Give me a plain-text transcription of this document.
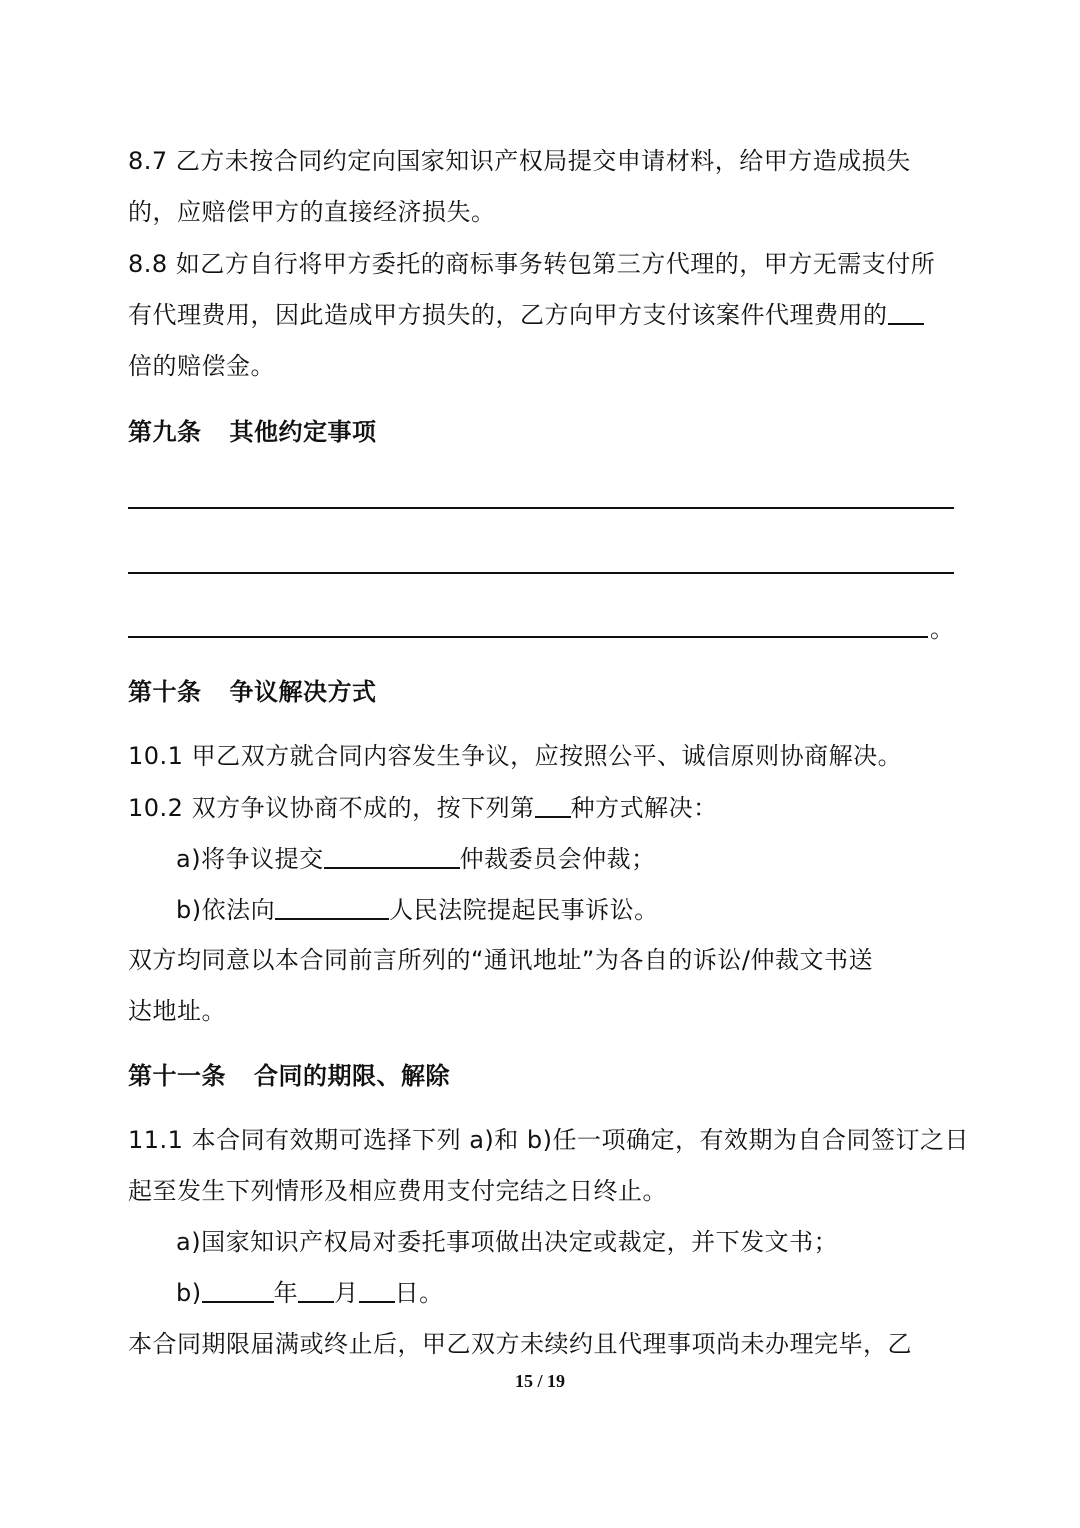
8.7 乙方未按合同约定向国家知识产权局提交申请材料，给甲方造成损失
的，应赔偿甲方的直接经济损失。
8.8 如乙方自行将甲方委托的商标事务转包第三方代理的，甲方无需支付所
有代理费用，因此造成甲方损失的，乙方向甲方支付该案件代理费用的
倍的赔偿金。
第九条 其他约定事项
。
第十条 争议解决方式
10.1 甲乙双方就合同内容发生争议，应按照公平、诚信原则协商解决。
10.2 双方争议协商不成的，按下列第 种方式解决：
a)将争议提交	仲裁委员会仲裁；
b)依法向	人民法院提起民事诉讼。
双方均同意以本合同前言所列的“通讯地址”为各自的诉讼/仲裁文书送
达地址。
第十一条 合同的期限、解除
11.1 本合同有效期可选择下列 a)和 b)任一项确定，有效期为自合同签订之日
起至发生下列情形及相应费用支付完结之日终止。
a)国家知识产权局对委托事项做出决定或裁定，并下发文书；
b)	年 月 日。
本合同期限届满或终止后，甲乙双方未续约且代理事项尚未办理完毕，乙
15 / 19
